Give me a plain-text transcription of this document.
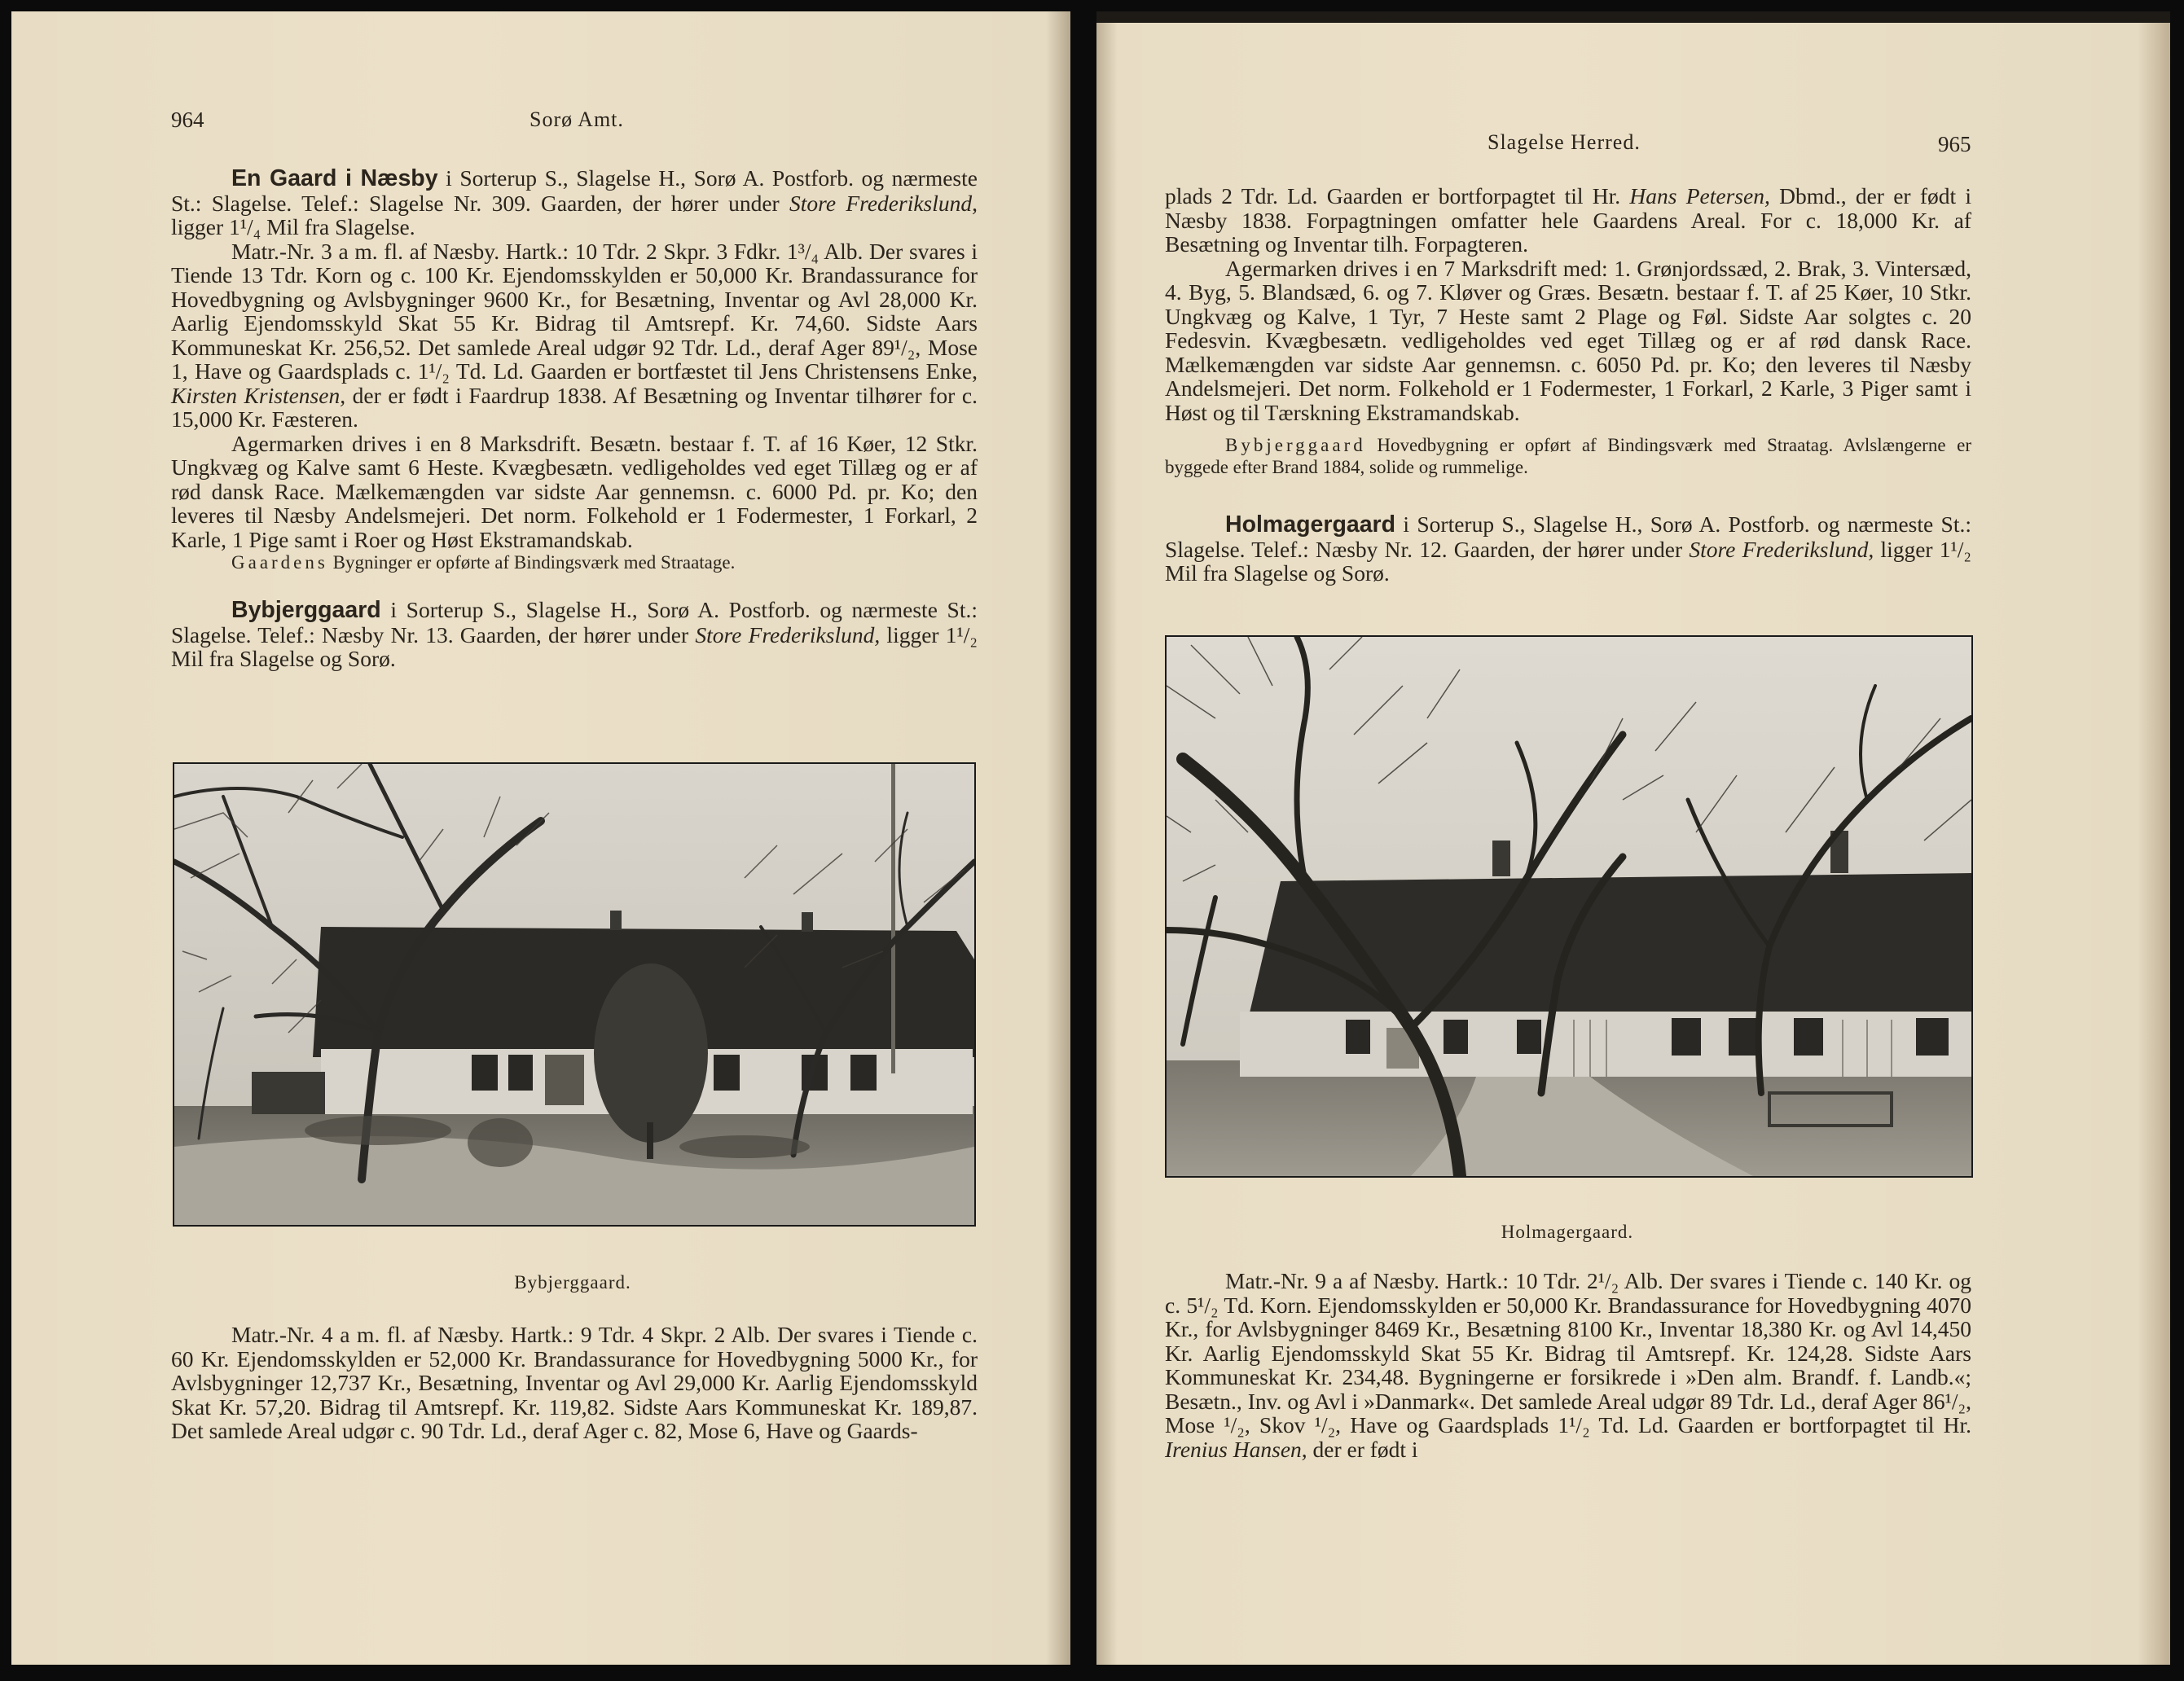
964	Sorø Amt.

En Gaard i Næsby i Sorterup S., Slagelse H., Sorø A. Postforb. og nærmeste St.: Slagelse. Telef.: Slagelse Nr. 309. Gaarden, der hører under Store Frederikslund, ligger 1¹/₄ Mil fra Slagelse.

Matr.-Nr. 3 a m. fl. af Næsby. Hartk.: 10 Tdr. 2 Skpr. 3 Fdkr. 1³/₄ Alb. Der svares i Tiende 13 Tdr. Korn og c. 100 Kr. Ejendomsskylden er 50,000 Kr. Brandassurance for Hovedbygning og Avlsbygninger 9600 Kr., for Besætning, Inventar og Avl 28,000 Kr. Aarlig Ejendomsskyld Skat 55 Kr. Bidrag til Amtsrepf. Kr. 74,60. Sidste Aars Kommuneskat Kr. 256,52. Det samlede Areal udgør 92 Tdr. Ld., deraf Ager 89¹/₂, Mose 1, Have og Gaardsplads c. 1¹/₂ Td. Ld. Gaarden er bortfæstet til Jens Christensens Enke, Kirsten Kristensen, der er født i Faardrup 1838. Af Besætning og Inventar tilhører for c. 15,000 Kr. Fæsteren.

Agermarken drives i en 8 Marksdrift. Besætn. bestaar f. T. af 16 Køer, 12 Stkr. Ungkvæg og Kalve samt 6 Heste. Kvægbesætn. vedligeholdes ved eget Tillæg og er af rød dansk Race. Mælkemængden var sidste Aar gennemsn. c. 6000 Pd. pr. Ko; den leveres til Næsby Andelsmejeri. Det norm. Folkehold er 1 Fodermester, 1 Forkarl, 2 Karle, 1 Pige samt i Roer og Høst Ekstramandskab.

Gaardens Bygninger er opførte af Bindingsværk med Straatage.

Bybjerggaard i Sorterup S., Slagelse H., Sorø A. Postforb. og nærmeste St.: Slagelse. Telef.: Næsby Nr. 13. Gaarden, der hører under Store Frederikslund, ligger 1¹/₂ Mil fra Slagelse og Sorø.

Bybjerggaard.

Matr.-Nr. 4 a m. fl. af Næsby. Hartk.: 9 Tdr. 4 Skpr. 2 Alb. Der svares i Tiende c. 60 Kr. Ejendomsskylden er 52,000 Kr. Brandassurance for Hovedbygning 5000 Kr., for Avlsbygninger 12,737 Kr., Besætning, Inventar og Avl 29,000 Kr. Aarlig Ejendomsskyld Skat Kr. 57,20. Bidrag til Amtsrepf. Kr. 119,82. Sidste Aars Kommuneskat Kr. 189,87. Det samlede Areal udgør c. 90 Tdr. Ld., deraf Ager c. 82, Mose 6, Have og Gaards-

Slagelse Herred.	965

plads 2 Tdr. Ld. Gaarden er bortforpagtet til Hr. Hans Petersen, Dbmd., der er født i Næsby 1838. Forpagtningen omfatter hele Gaardens Areal. For c. 18,000 Kr. af Besætning og Inventar tilh. Forpagteren.

Agermarken drives i en 7 Marksdrift med: 1. Grønjordssæd, 2. Brak, 3. Vintersæd, 4. Byg, 5. Blandsæd, 6. og 7. Kløver og Græs. Besætn. bestaar f. T. af 25 Køer, 10 Stkr. Ungkvæg og Kalve, 1 Tyr, 7 Heste samt 2 Plage og Føl. Sidste Aar solgtes c. 20 Fedesvin. Kvægbesætn. vedligeholdes ved eget Tillæg og er af rød dansk Race. Mælkemængden var sidste Aar gennemsn. c. 6050 Pd. pr. Ko; den leveres til Næsby Andelsmejeri. Det norm. Folkehold er 1 Fodermester, 1 Forkarl, 2 Karle, 3 Piger samt i Høst og til Tærskning Ekstramandskab.

Bybjerggaard Hovedbygning er opført af Bindingsværk med Straatag. Avlslængerne er byggede efter Brand 1884, solide og rummelige.

Holmagergaard i Sorterup S., Slagelse H., Sorø A. Postforb. og nærmeste St.: Slagelse. Telef.: Næsby Nr. 12. Gaarden, der hører under Store Frederikslund, ligger 1¹/₂ Mil fra Slagelse og Sorø.

Holmagergaard.

Matr.-Nr. 9 a af Næsby. Hartk.: 10 Tdr. 2¹/₂ Alb. Der svares i Tiende c. 140 Kr. og c. 5¹/₂ Td. Korn. Ejendomsskylden er 50,000 Kr. Brandassurance for Hovedbygning 4070 Kr., for Avlsbygninger 8469 Kr., Besætning 8100 Kr., Inventar 18,380 Kr. og Avl 14,450 Kr. Aarlig Ejendomsskyld Skat 55 Kr. Bidrag til Amtsrepf. Kr. 124,28. Sidste Aars Kommuneskat Kr. 234,48. Bygningerne er forsikrede i »Den alm. Brandf. f. Landb.«; Besætn., Inv. og Avl i »Danmark«. Det samlede Areal udgør 89 Tdr. Ld., deraf Ager 86¹/₂, Mose ¹/₂, Skov ¹/₂, Have og Gaardsplads 1¹/₂ Td. Ld. Gaarden er bortforpagtet til Hr. Irenius Hansen, der er født i
